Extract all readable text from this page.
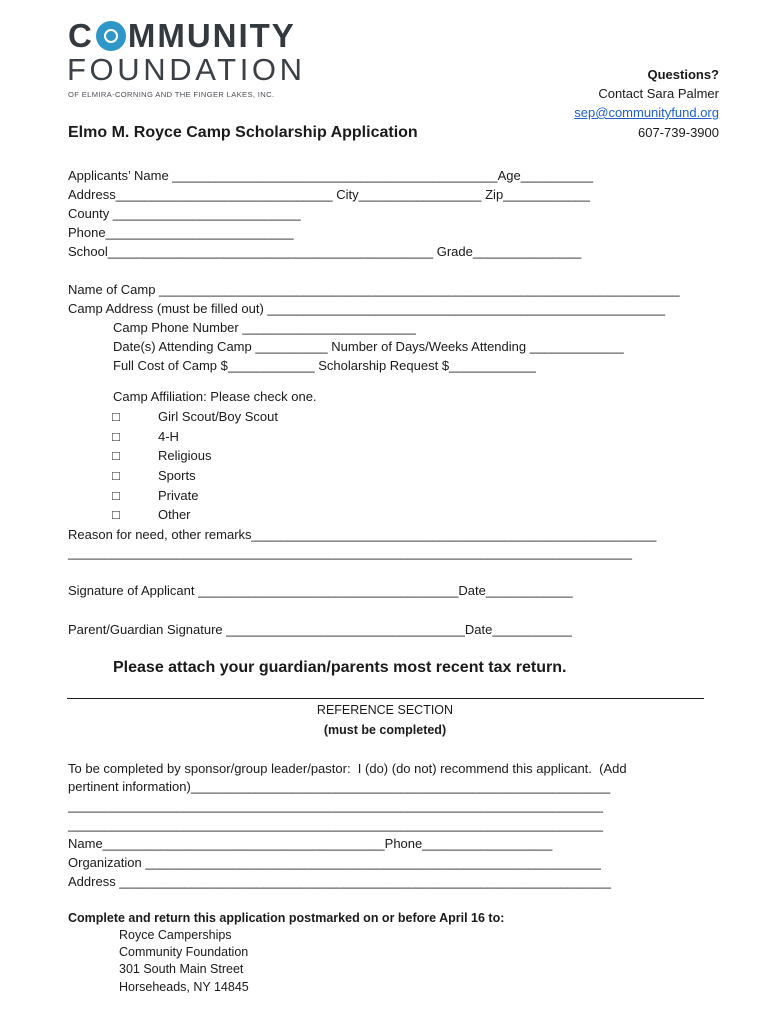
C MMUNITY
FOUNDATION
OF ELMIRA-CORNING AND THE FINGER LAKES, INC.
Questions?
Contact Sara Palmer
sep@communityfund.org
607-739-3900
Elmo M. Royce Camp Scholarship Application
Applicants’ Name _____________________________________________Age__________
Address______________________________ City_________________ Zip____________
County __________________________
Phone__________________________
School_____________________________________________ Grade_______________
Name of Camp ________________________________________________________________________
Camp Address (must be filled out) _______________________________________________________
Camp Phone Number ________________________
Date(s) Attending Camp __________ Number of Days/Weeks Attending _____________
Full Cost of Camp $____________ Scholarship Request $____________
Camp Affiliation: Please check one.
□	Girl Scout/Boy Scout
□	4-H
□	Religious
□	Sports
□	Private
□	Other
Reason for need, other remarks________________________________________________________
______________________________________________________________________________
Signature of Applicant ____________________________________Date____________
Parent/Guardian Signature _________________________________Date___________
Please attach your guardian/parents most recent tax return.
REFERENCE SECTION
(must be completed)
To be completed by sponsor/group leader/pastor:  I (do) (do not) recommend this applicant.  (Add
pertinent information)__________________________________________________________
__________________________________________________________________________
__________________________________________________________________________
Name_______________________________________Phone__________________
Organization _______________________________________________________________
Address ____________________________________________________________________
Complete and return this application postmarked on or before April 16 to:
Royce Camperships
Community Foundation
301 South Main Street
Horseheads, NY 14845
